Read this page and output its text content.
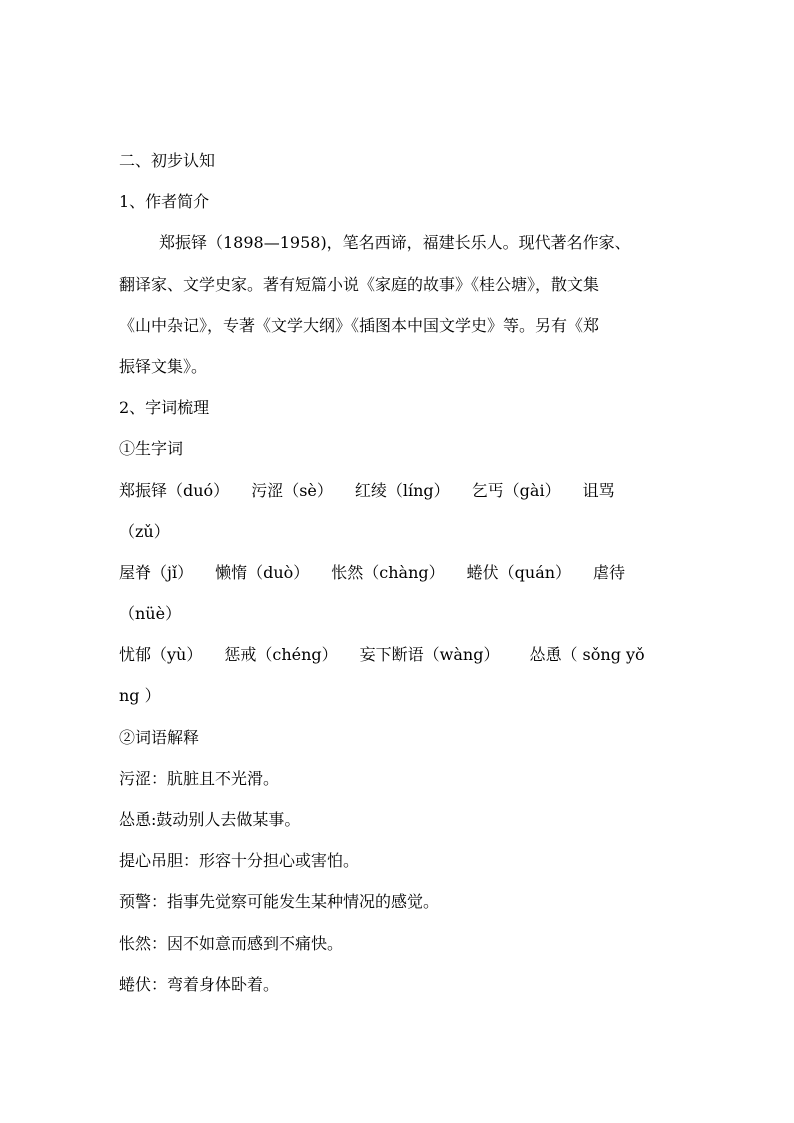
二、初步认知
1、作者简介
郑振铎（1898—1958)，笔名西谛，福建长乐人。现代著名作家、
翻译家、文学史家。著有短篇小说《家庭的故事》《桂公塘》，散文集
《山中杂记》，专著《文学大纲》《插图本中国文学史》等。另有《郑
振铎文集》。
2、字词梳理
①生字词
郑振铎（duó） 污涩（sè） 红绫（líng） 乞丐（gài） 诅骂
（zǔ）
屋脊（jǐ） 懒惰（duò） 怅然（chàng） 蜷伏（quán） 虐待
（nüè）
忧郁（yù） 惩戒（chéng） 妄下断语（wàng） 怂恿（ sǒng yǒ
ng ）
②词语解释
污涩：肮脏且不光滑。
怂恿:鼓动别人去做某事。
提心吊胆：形容十分担心或害怕。
预警：指事先觉察可能发生某种情况的感觉。
怅然：因不如意而感到不痛快。
蜷伏：弯着身体卧着。
